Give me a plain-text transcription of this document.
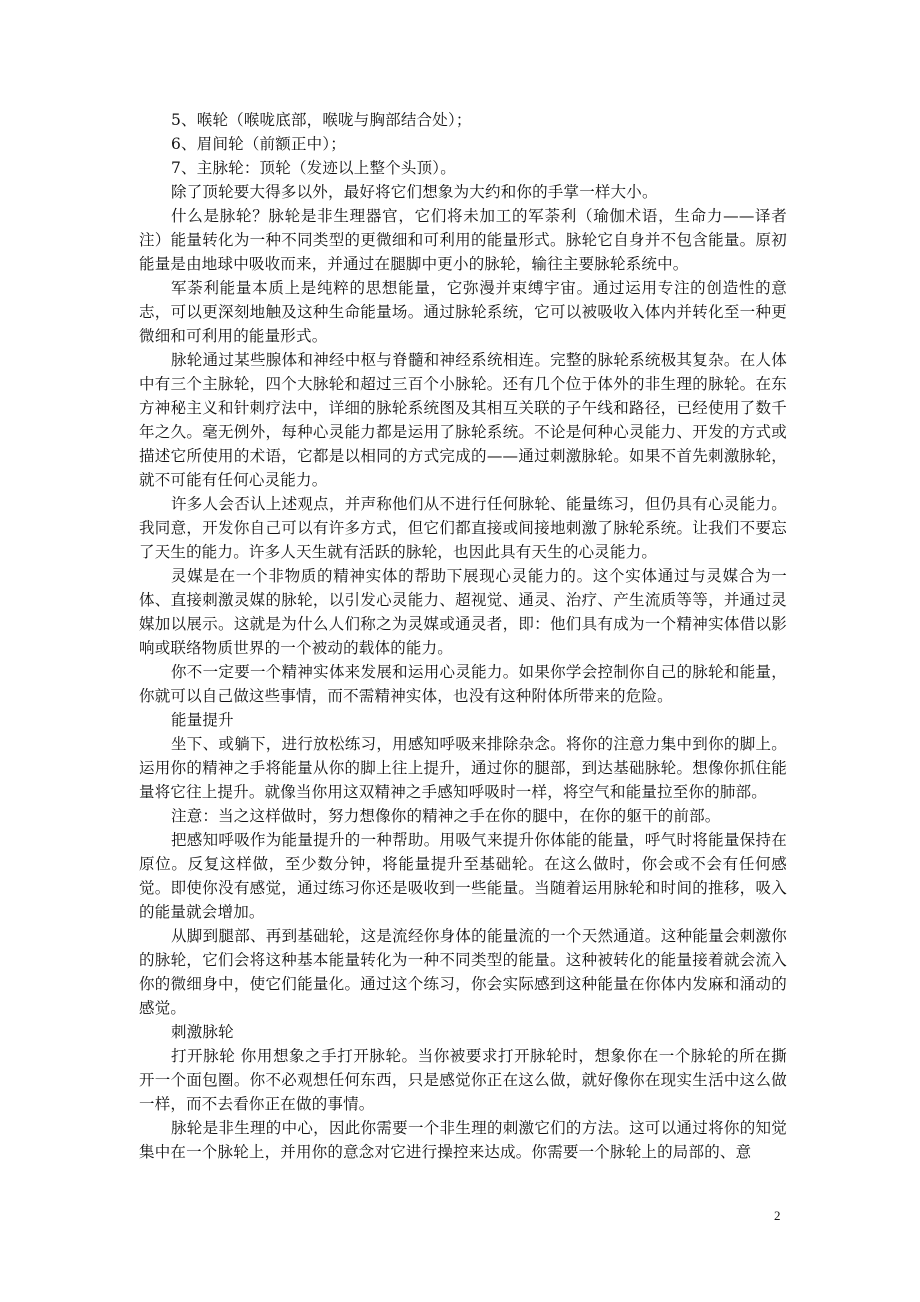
5、喉轮（喉咙底部，喉咙与胸部结合处）；

6、眉间轮（前额正中）；

7、主脉轮：顶轮（发迹以上整个头顶）。

除了顶轮要大得多以外，最好将它们想象为大约和你的手掌一样大小。

什么是脉轮？脉轮是非生理器官，它们将未加工的军荼利（瑜伽术语，生命力——译者注）能量转化为一种不同类型的更微细和可利用的能量形式。脉轮它自身并不包含能量。原初能量是由地球中吸收而来，并通过在腿脚中更小的脉轮，输往主要脉轮系统中。

军荼利能量本质上是纯粹的思想能量，它弥漫并束缚宇宙。通过运用专注的创造性的意志，可以更深刻地触及这种生命能量场。通过脉轮系统，它可以被吸收入体内并转化至一种更微细和可利用的能量形式。

脉轮通过某些腺体和神经中枢与脊髓和神经系统相连。完整的脉轮系统极其复杂。在人体中有三个主脉轮，四个大脉轮和超过三百个小脉轮。还有几个位于体外的非生理的脉轮。在东方神秘主义和针刺疗法中，详细的脉轮系统图及其相互关联的子午线和路径，已经使用了数千年之久。毫无例外，每种心灵能力都是运用了脉轮系统。不论是何种心灵能力、开发的方式或描述它所使用的术语，它都是以相同的方式完成的——通过刺激脉轮。如果不首先刺激脉轮，就不可能有任何心灵能力。

许多人会否认上述观点，并声称他们从不进行任何脉轮、能量练习，但仍具有心灵能力。我同意，开发你自己可以有许多方式，但它们都直接或间接地刺激了脉轮系统。让我们不要忘了天生的能力。许多人天生就有活跃的脉轮，也因此具有天生的心灵能力。

灵媒是在一个非物质的精神实体的帮助下展现心灵能力的。这个实体通过与灵媒合为一体、直接刺激灵媒的脉轮，以引发心灵能力、超视觉、通灵、治疗、产生流质等等，并通过灵媒加以展示。这就是为什么人们称之为灵媒或通灵者，即：他们具有成为一个精神实体借以影响或联络物质世界的一个被动的载体的能力。

你不一定要一个精神实体来发展和运用心灵能力。如果你学会控制你自己的脉轮和能量，你就可以自己做这些事情，而不需精神实体，也没有这种附体所带来的危险。

能量提升

坐下、或躺下，进行放松练习，用感知呼吸来排除杂念。将你的注意力集中到你的脚上。运用你的精神之手将能量从你的脚上往上提升，通过你的腿部，到达基础脉轮。想像你抓住能量将它往上提升。就像当你用这双精神之手感知呼吸时一样，将空气和能量拉至你的肺部。

注意：当之这样做时，努力想像你的精神之手在你的腿中，在你的躯干的前部。

把感知呼吸作为能量提升的一种帮助。用吸气来提升你体能的能量，呼气时将能量保持在原位。反复这样做，至少数分钟，将能量提升至基础轮。在这么做时，你会或不会有任何感觉。即使你没有感觉，通过练习你还是吸收到一些能量。当随着运用脉轮和时间的推移，吸入的能量就会增加。

从脚到腿部、再到基础轮，这是流经你身体的能量流的一个天然通道。这种能量会刺激你的脉轮，它们会将这种基本能量转化为一种不同类型的能量。这种被转化的能量接着就会流入你的微细身中，使它们能量化。通过这个练习，你会实际感到这种能量在你体内发麻和涌动的感觉。

刺激脉轮

打开脉轮 你用想象之手打开脉轮。当你被要求打开脉轮时，想象你在一个脉轮的所在撕开一个面包圈。你不必观想任何东西，只是感觉你正在这么做，就好像你在现实生活中这么做一样，而不去看你正在做的事情。

脉轮是非生理的中心，因此你需要一个非生理的刺激它们的方法。这可以通过将你的知觉集中在一个脉轮上，并用你的意念对它进行操控来达成。你需要一个脉轮上的局部的、意

2
